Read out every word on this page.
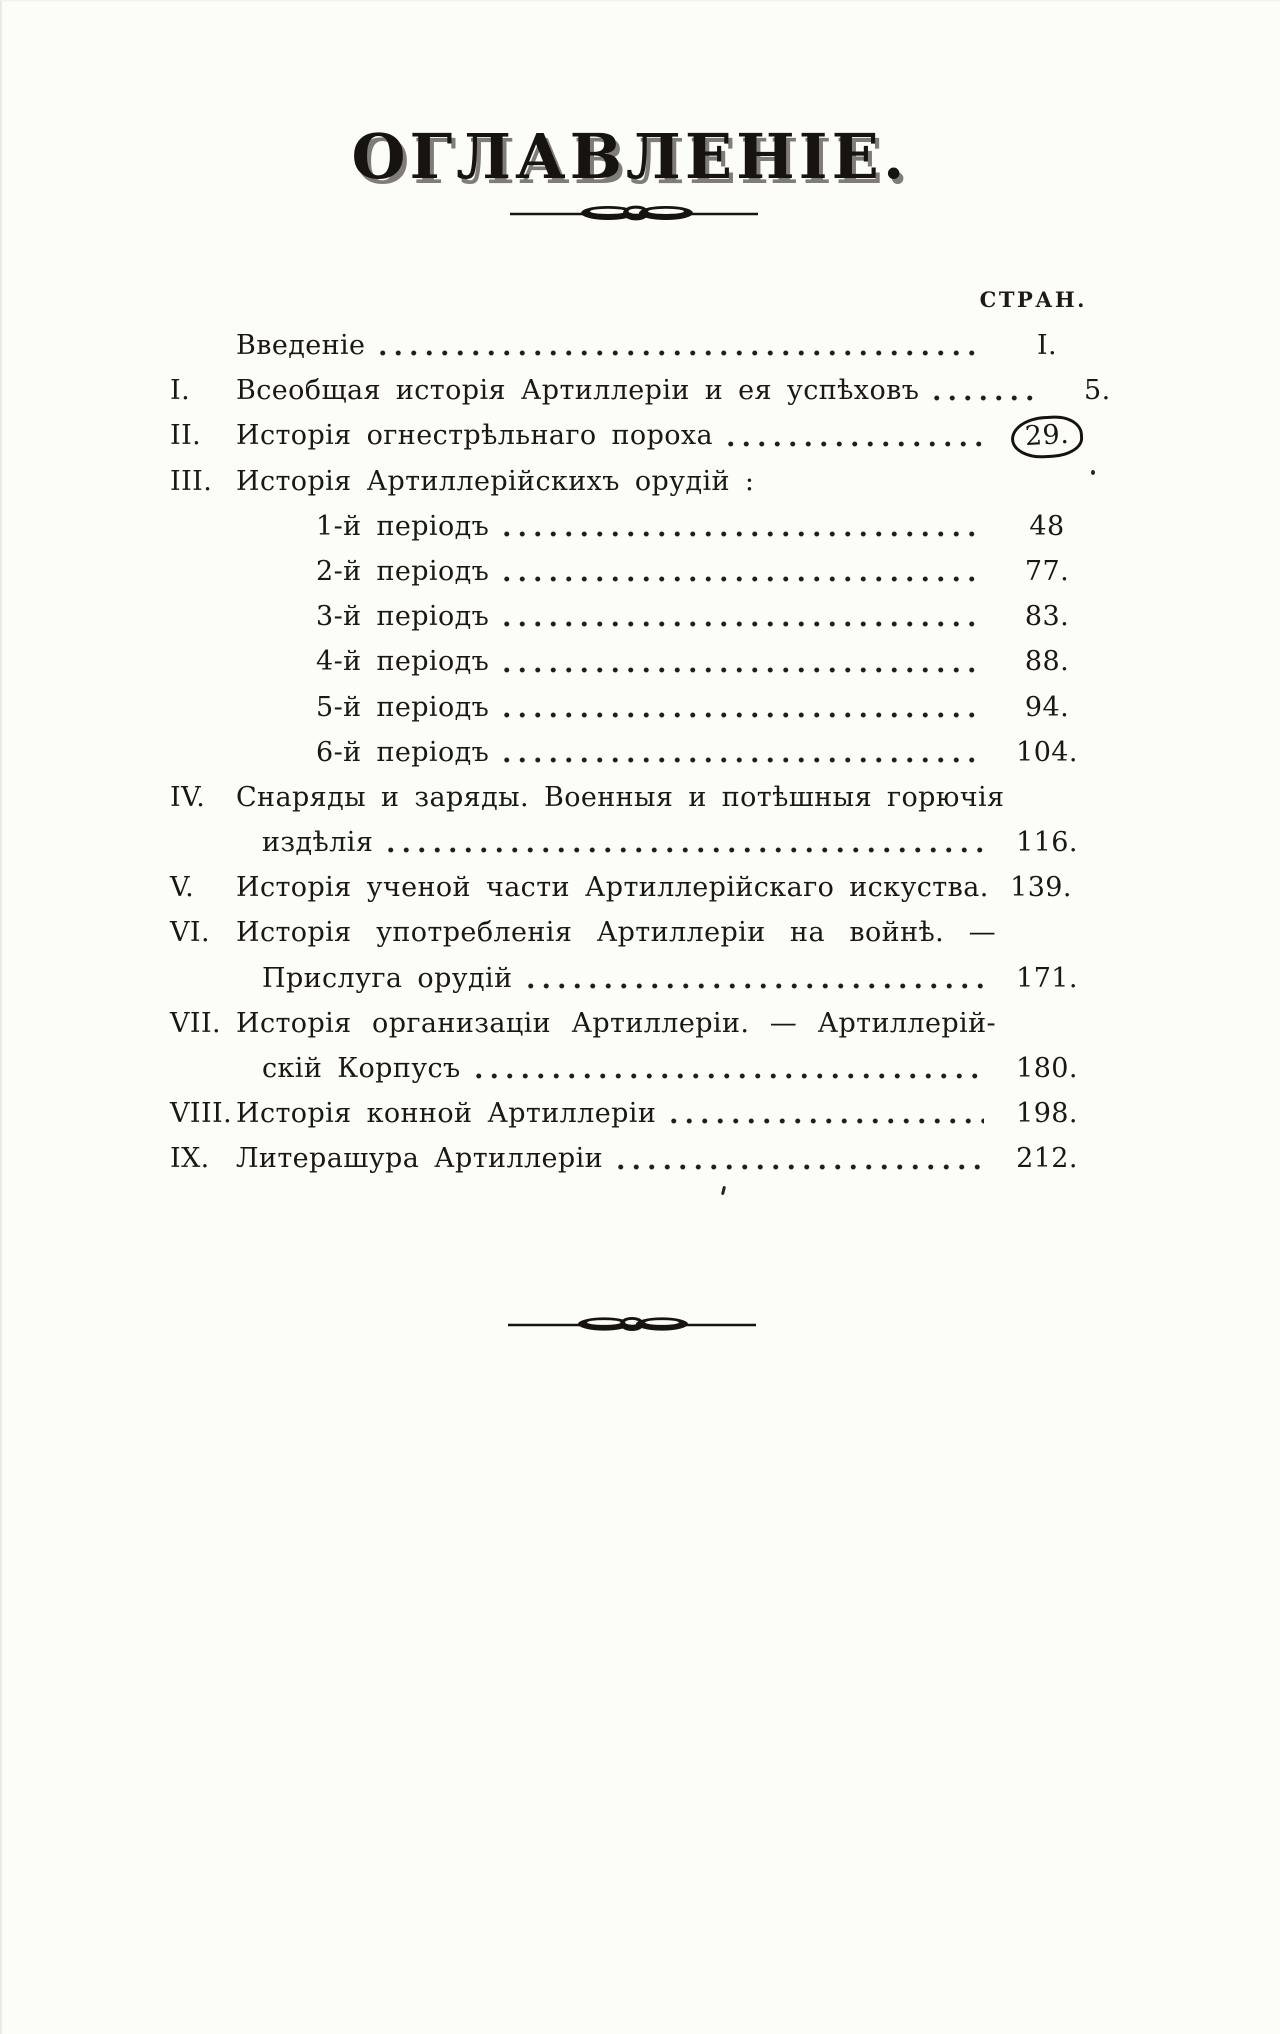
ОГЛАВЛЕНІЕ.
СТРАН.
Введеніе	I.
I.	Всеобщая исторія Артиллеріи и ея успѣховъ	5.
II.	Исторія огнестрѣльнаго пороха	29.
III. Исторія Артиллерійскихъ орудій :
1-й періодъ	48
2-й періодъ	77.
3-й періодъ	83.
4-й періодъ	88.
5-й періодъ	94.
6-й періодъ	104.
IV.	Снаряды и заряды. Военныя и потѣшныя горючія
издѣлія	116.
V.	Исторія ученой части Артиллерійскаго искуства. 139.
VI. Исторія употребленія Артиллеріи на войнѣ. —
Прислуга орудій	171.
VII. Исторія организаціи Артиллеріи. — Артиллерій-
скій Корпусъ	180.
VIII. Исторія конной Артиллеріи	198.
IX. Литерашура Артиллеріи	212.
